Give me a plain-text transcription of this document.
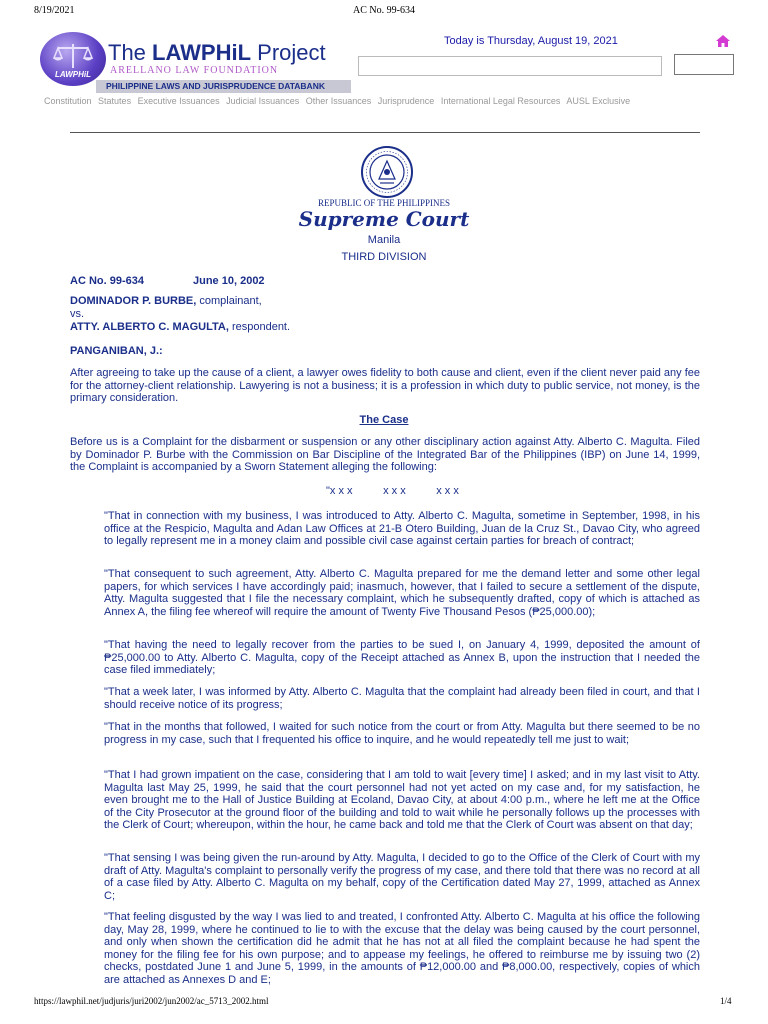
8/19/2021	AC No. 99-634
LAWPHiL
The LAWPHiL Project
ARELLANO LAW FOUNDATION
PHILIPPINE LAWS AND JURISPRUDENCE DATABANK
Today is Thursday, August 19, 2021
Constitution Statutes Executive Issuances Judicial Issuances Other Issuances Jurisprudence International Legal Resources AUSL Exclusive
REPUBLIC OF THE PHILIPPINES
Supreme Court
Manila
THIRD DIVISION
AC No. 99-634	June 10, 2002
DOMINADOR P. BURBE, complainant,
vs.
ATTY. ALBERTO C. MAGULTA, respondent.
PANGANIBAN, J.:

After agreeing to take up the cause of a client, a lawyer owes fidelity to both cause and client, even if the client never paid any fee for the attorney-client relationship. Lawyering is not a business; it is a profession in which duty to public service, not money, is the primary consideration.

The Case

Before us is a Complaint for the disbarment or suspension or any other disciplinary action against Atty. Alberto C. Magulta. Filed by Dominador P. Burbe with the Commission on Bar Discipline of the Integrated Bar of the Philippines (IBP) on June 14, 1999, the Complaint is accompanied by a Sworn Statement alleging the following:

"x x x          x x x          x x x

"That in connection with my business, I was introduced to Atty. Alberto C. Magulta, sometime in September, 1998, in his office at the Respicio, Magulta and Adan Law Offices at 21-B Otero Building, Juan de la Cruz St., Davao City, who agreed to legally represent me in a money claim and possible civil case against certain parties for breach of contract;

"That consequent to such agreement, Atty. Alberto C. Magulta prepared for me the demand letter and some other legal papers, for which services I have accordingly paid; inasmuch, however, that I failed to secure a settlement of the dispute, Atty. Magulta suggested that I file the necessary complaint, which he subsequently drafted, copy of which is attached as Annex A, the filing fee whereof will require the amount of Twenty Five Thousand Pesos (₱25,000.00);

"That having the need to legally recover from the parties to be sued I, on January 4, 1999, deposited the amount of ₱25,000.00 to Atty. Alberto C. Magulta, copy of the Receipt attached as Annex B, upon the instruction that I needed the case filed immediately;

"That a week later, I was informed by Atty. Alberto C. Magulta that the complaint had already been filed in court, and that I should receive notice of its progress;

"That in the months that followed, I waited for such notice from the court or from Atty. Magulta but there seemed to be no progress in my case, such that I frequented his office to inquire, and he would repeatedly tell me just to wait;

"That I had grown impatient on the case, considering that I am told to wait [every time] I asked; and in my last visit to Atty. Magulta last May 25, 1999, he said that the court personnel had not yet acted on my case and, for my satisfaction, he even brought me to the Hall of Justice Building at Ecoland, Davao City, at about 4:00 p.m., where he left me at the Office of the City Prosecutor at the ground floor of the building and told to wait while he personally follows up the processes with the Clerk of Court; whereupon, within the hour, he came back and told me that the Clerk of Court was absent on that day;

"That sensing I was being given the run-around by Atty. Magulta, I decided to go to the Office of the Clerk of Court with my draft of Atty. Magulta's complaint to personally verify the progress of my case, and there told that there was no record at all of a case filed by Atty. Alberto C. Magulta on my behalf, copy of the Certification dated May 27, 1999, attached as Annex C;

"That feeling disgusted by the way I was lied to and treated, I confronted Atty. Alberto C. Magulta at his office the following day, May 28, 1999, where he continued to lie to with the excuse that the delay was being caused by the court personnel, and only when shown the certification did he admit that he has not at all filed the complaint because he had spent the money for the filing fee for his own purpose; and to appease my feelings, he offered to reimburse me by issuing two (2) checks, postdated June 1 and June 5, 1999, in the amounts of ₱12,000.00 and ₱8,000.00, respectively, copies of which are attached as Annexes D and E;

https://lawphil.net/judjuris/juri2002/jun2002/ac_5713_2002.html	1/4
